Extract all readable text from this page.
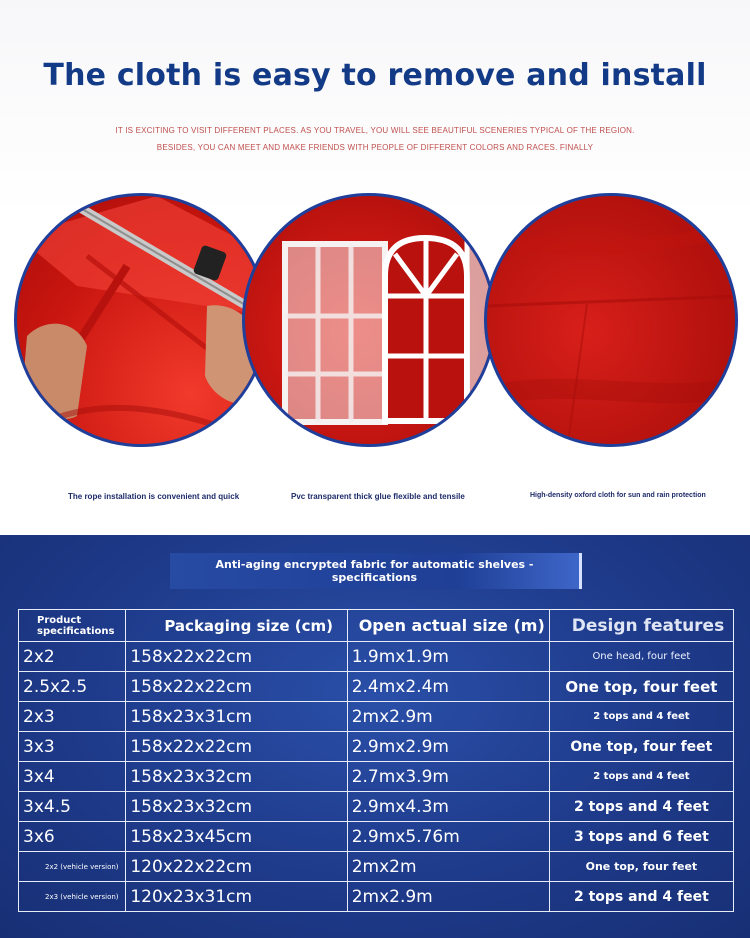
The cloth is easy to remove and install
IT IS EXCITING TO VISIT DIFFERENT PLACES. AS YOU TRAVEL, YOU WILL SEE BEAUTIFUL SCENERIES TYPICAL OF THE REGION.
BESIDES, YOU CAN MEET AND MAKE FRIENDS WITH PEOPLE OF DIFFERENT COLORS AND RACES. FINALLY
The rope installation is convenient and quick	Pvc transparent thick glue flexible and tensile	High-density oxford cloth for sun and rain protection
Anti-aging encrypted fabric for automatic shelves -
specifications
Product
specifications	Packaging size (cm)	Open actual size (m)	Design features
2x2	158x22x22cm	1.9mx1.9m	One head, four feet
2.5x2.5	158x22x22cm	2.4mx2.4m	One top, four feet
2x3	158x23x31cm	2mx2.9m	2 tops and 4 feet
3x3	158x22x22cm	2.9mx2.9m	One top, four feet
3x4	158x23x32cm	2.7mx3.9m	2 tops and 4 feet
3x4.5	158x23x32cm	2.9mx4.3m	2 tops and 4 feet
3x6	158x23x45cm	2.9mx5.76m	3 tops and 6 feet
2x2 (vehicle version)	120x22x22cm	2mx2m	One top, four feet
2x3 (vehicle version)	120x23x31cm	2mx2.9m	2 tops and 4 feet
